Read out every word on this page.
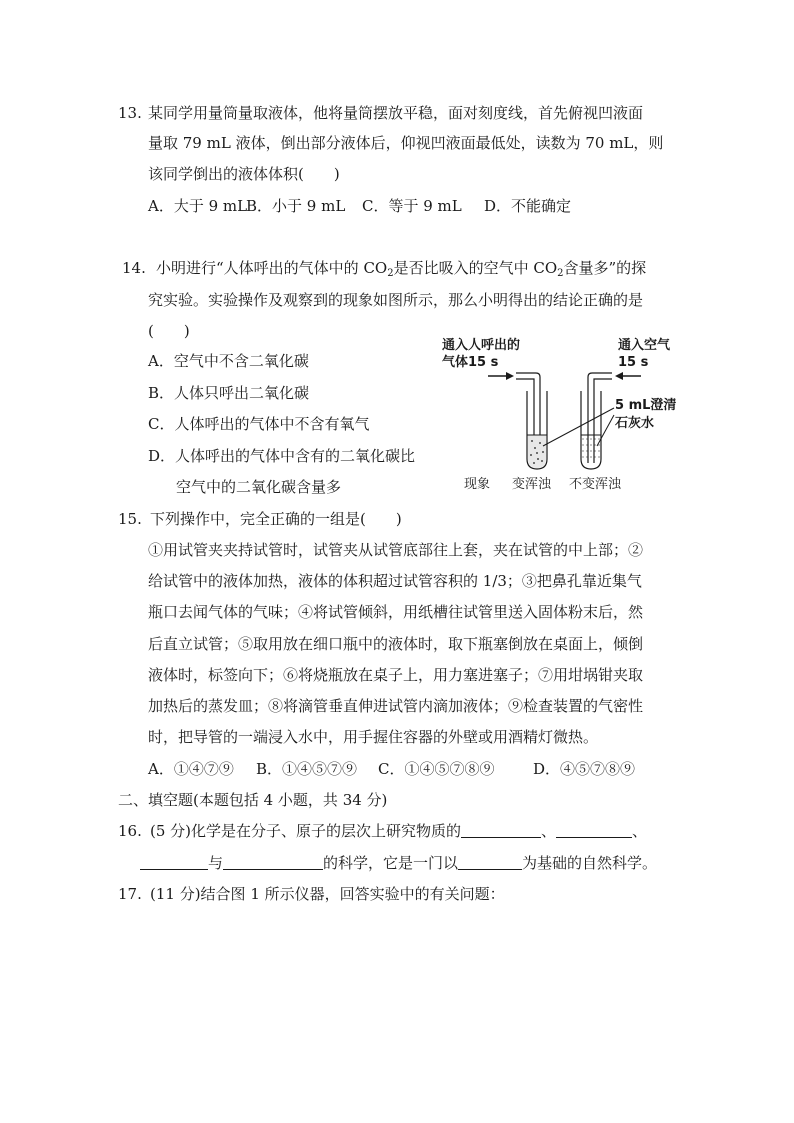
13. 某同学用量筒量取液体，他将量筒摆放平稳，面对刻度线，首先俯视凹液面
量取 79 mL 液体，倒出部分液体后，仰视凹液面最低处，读数为 70 mL，则
该同学倒出的液体体积(　　)
A．大于 9 mL
B．小于 9 mL C．等于 9 mL D．不能确定
14. 小明进行“人体呼出的气体中的 $CO_2$是否比吸入的空气中 $CO_2$含量多”的探
究实验。实验操作及观察到的现象如图所示，那么小明得出的结论正确的是
(　　)
A．空气中不含二氧化碳
B．人体只呼出二氧化碳
C．人体呼出的气体中不含有氧气
D．人体呼出的气体中含有的二氧化碳比
空气中的二氧化碳含量多
通入人呼出的
气体15 s
通入空气
15 s
5 mL澄清
石灰水
现象 变浑浊 不变浑浊
15. 下列操作中，完全正确的一组是(　　)
①用试管夹夹持试管时，试管夹从试管底部往上套，夹在试管的中上部；②
给试管中的液体加热，液体的体积超过试管容积的 1/3；③把鼻孔靠近集气
瓶口去闻气体的气味；④将试管倾斜，用纸槽往试管里送入固体粉末后，然
后直立试管；⑤取用放在细口瓶中的液体时，取下瓶塞倒放在桌面上，倾倒
液体时，标签向下；⑥将烧瓶放在桌子上，用力塞进塞子；⑦用坩埚钳夹取
加热后的蒸发皿；⑧将滴管垂直伸进试管内滴加液体；⑨检查装置的气密性
时，把导管的一端浸入水中，用手握住容器的外壁或用酒精灯微热。
A．①④⑦⑨ B．①④⑤⑦⑨ C．①④⑤⑦⑧⑨	D．④⑤⑦⑧⑨
二、填空题(本题包括 4 小题，共 34 分)
16. (5 分)化学是在分子、原子的层次上研究物质的	、	、
与	的科学，它是一门以	为基础的自然科学。
17. (11 分)结合图 1 所示仪器，回答实验中的有关问题：
